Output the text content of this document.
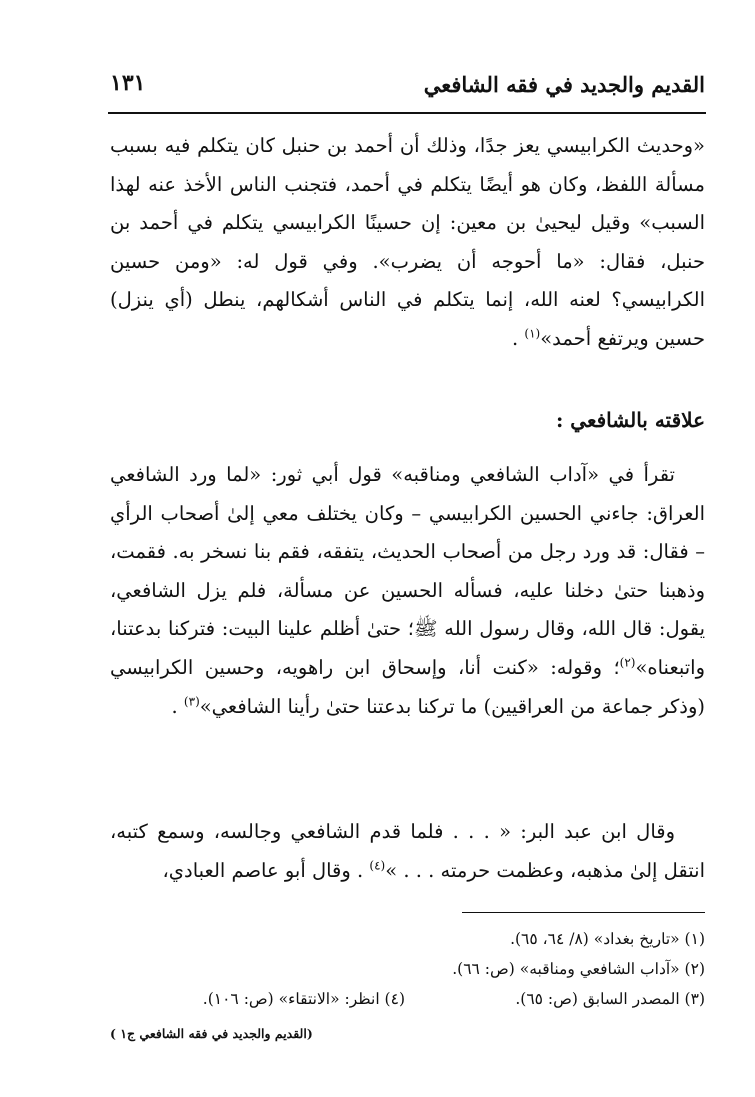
القديم والجديد في فقه الشافعي
١٣١

«وحديث الكرابيسي يعز جدًا، وذلك أن أحمد بن حنبل كان يتكلم فيه بسبب مسألة اللفظ، وكان هو أيضًا يتكلم في أحمد، فتجنب الناس الأخذ عنه لهذا السبب» وقيل ليحيىٰ بن معين: إن حسينًا الكرابيسي يتكلم في أحمد بن حنبل، فقال: «ما أحوجه أن يضرب». وفي قول له: «ومن حسين الكرابيسي؟ لعنه الله، إنما يتكلم في الناس أشكالهم، ينطل (أي ينزل) حسين ويرتفع أحمد»$^{(١)}$ .

علاقته بالشافعي :

تقرأ في «آداب الشافعي ومناقبه» قول أبي ثور: «لما ورد الشافعي العراق: جاءني الحسين الكرابيسي – وكان يختلف معي إلىٰ أصحاب الرأي – فقال: قد ورد رجل من أصحاب الحديث، يتفقه، فقم بنا نسخر به. فقمت، وذهبنا حتىٰ دخلنا عليه، فسأله الحسين عن مسألة، فلم يزل الشافعي، يقول: قال الله، وقال رسول الله ﷺ؛ حتىٰ أظلم علينا البيت: فتركنا بدعتنا، واتبعناه»$^{(٢)}$؛ وقوله: «كنت أنا، وإسحاق ابن راهويه، وحسين الكرابيسي (وذكر جماعة من العراقيين) ما تركنا بدعتنا حتىٰ رأينا الشافعي»$^{(٣)}$ .

وقال ابن عبد البر: « . . . فلما قدم الشافعي وجالسه، وسمع كتبه، انتقل إلىٰ مذهبه، وعظمت حرمته . . . »$^{(٤)}$ . وقال أبو عاصم العبادي،

(١) «تاريخ بغداد» (٨/ ٦٤، ٦٥).
(٢) «آداب الشافعي ومناقبه» (ص: ٦٦).
(٣) المصدر السابق (ص: ٦٥).
(٤) انظر: «الانتقاء» (ص: ١٠٦).
(القديم والجديد في فقه الشافعي ج١ )
